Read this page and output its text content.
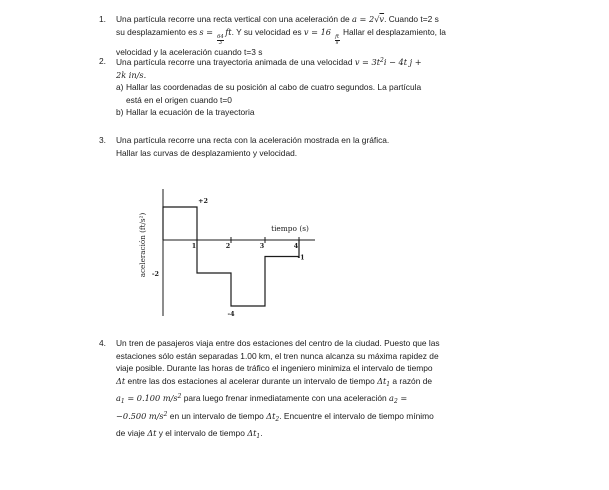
1. Una partícula recorre una recta vertical con una aceleración de a = 2√v. Cuando t=2 s
su desplazamiento es s =
$\frac{64}{3}$
ft. Y su velocidad es v = 16
$\frac{ft}{s}$
Hallar el desplazamiento, la
velocidad y la aceleración cuando t=3 s
2. Una partícula recorre una trayectoria animada de una velocidad $v = 3t^2i - 4t$ j +
2k in/s.
a) Hallar las coordenadas de su posición al cabo de cuatro segundos. La partícula
está en el origen cuando t=0
b) Hallar la ecuación de la trayectoria
3. Una partícula recorre una recta con la aceleración mostrada en la gráfica.
Hallar las curvas de desplazamiento y velocidad.
aceleración (ft/s²)	tiempo (s)
1	2	3	4
+2
-2
-4
-1
4. Un tren de pasajeros viaja entre dos estaciones del centro de la ciudad. Puesto que las
estaciones sólo están separadas 1.00 km, el tren nunca alcanza su máxima rapidez de
viaje posible. Durante las horas de tráfico el ingeniero minimiza el intervalo de tiempo
Δt entre las dos estaciones al acelerar durante un intervalo de tiempo $\Delta t_1$ a razón de
$a_1 = 0.100$ $m/s^2$ para luego frenar inmediatamente con una aceleración $a_2$ =
−0.500 $m/s^2$ en un intervalo de tiempo $\Delta t_2$. Encuentre el intervalo de tiempo mínimo
de viaje Δt y el intervalo de tiempo $\Delta t_1$.
